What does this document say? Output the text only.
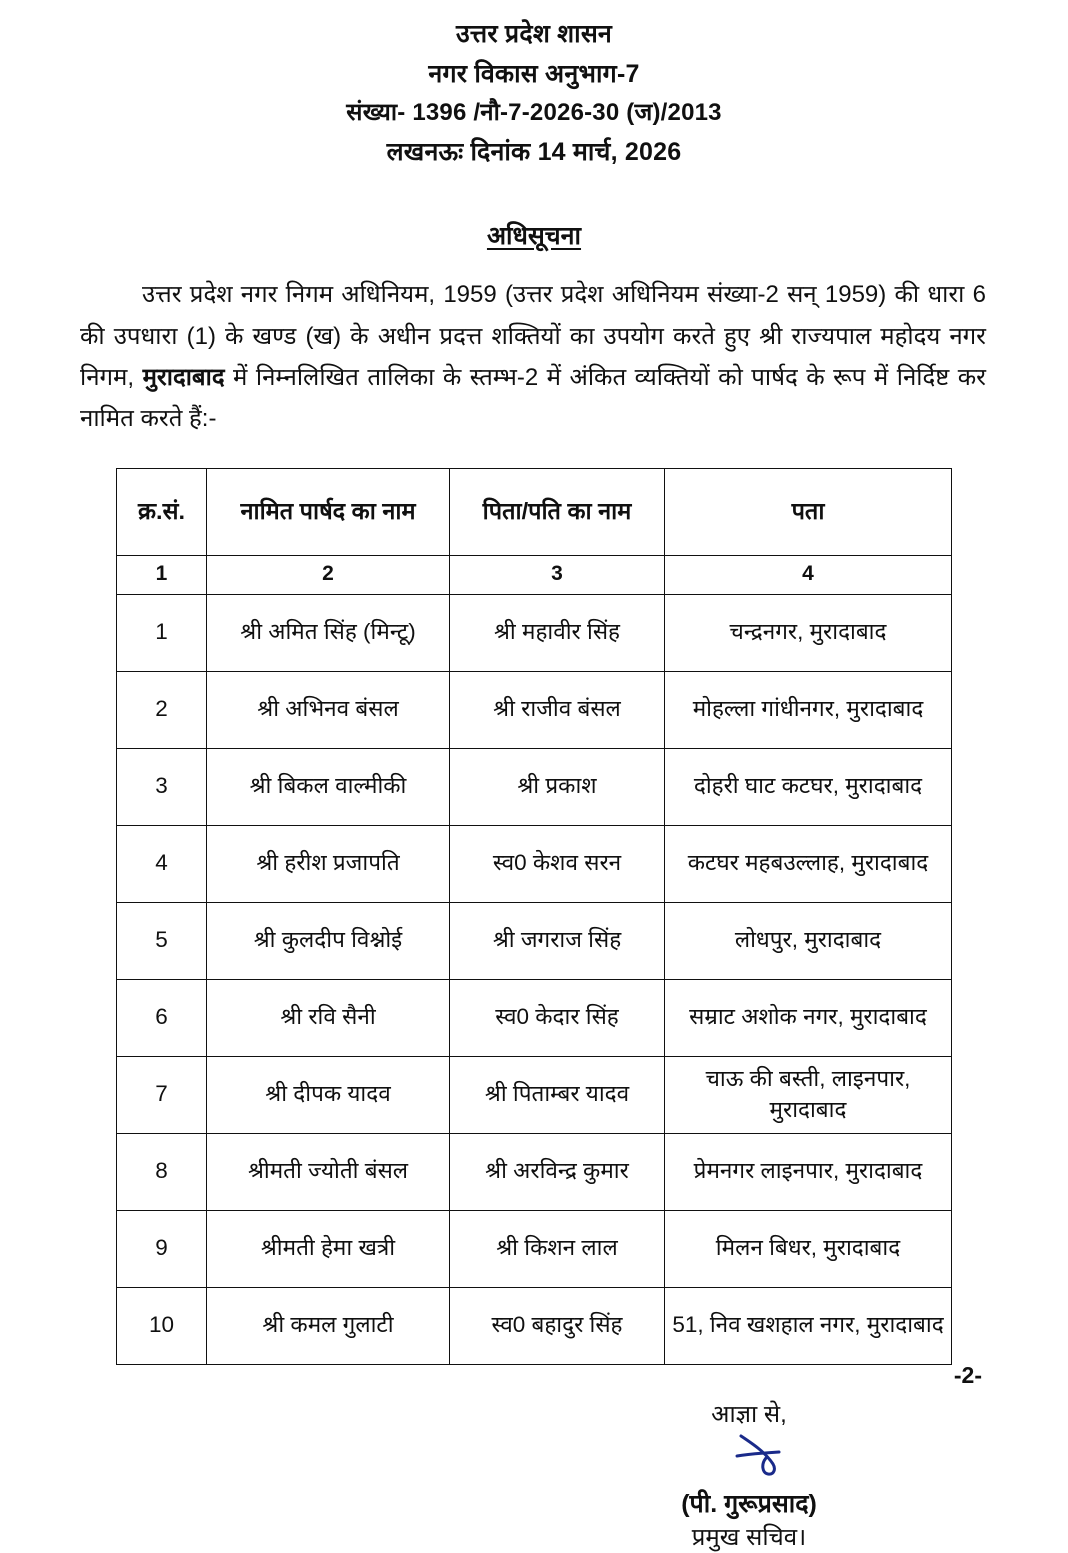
उत्तर प्रदेश शासन
नगर विकास अनुभाग-7
संख्या- 1396 /नौ-7-2026-30 (ज)/2013
लखनऊः दिनांक 14 मार्च, 2026
अधिसूचना

उत्तर प्रदेश नगर निगम अधिनियम, 1959 (उत्तर प्रदेश अधिनियम संख्या-2 सन् 1959) की धारा 6 की उपधारा (1) के खण्ड (ख) के अधीन प्रदत्त शक्तियों का उपयोग करते हुए श्री राज्यपाल महोदय नगर निगम, मुरादाबाद में निम्नलिखित तालिका के स्तम्भ-2 में अंकित व्यक्तियों को पार्षद के रूप में निर्दिष्ट कर नामित करते हैं:-

क्र.सं.	नामित पार्षद का नाम	पिता/पति का नाम	पता
1	2	3	4
1	श्री अमित सिंह (मिन्टू)	श्री महावीर सिंह	चन्द्रनगर, मुरादाबाद
2	श्री अभिनव बंसल	श्री राजीव बंसल	मोहल्ला गांधीनगर, मुरादाबाद
3	श्री बिकल वाल्मीकी	श्री प्रकाश	दोहरी घाट कटघर, मुरादाबाद
4	श्री हरीश प्रजापति	स्व0 केशव सरन	कटघर महबउल्लाह, मुरादाबाद
5	श्री कुलदीप विश्नोई	श्री जगराज सिंह	लोधपुर, मुरादाबाद
6	श्री रवि सैनी	स्व0 केदार सिंह	सम्राट अशोक नगर, मुरादाबाद
7	श्री दीपक यादव	श्री पिताम्बर यादव	चाऊ की बस्ती, लाइनपार, मुरादाबाद
8	श्रीमती ज्योती बंसल	श्री अरविन्द्र कुमार	प्रेमनगर लाइनपार, मुरादाबाद
9	श्रीमती हेमा खत्री	श्री किशन लाल	मिलन बिधर, मुरादाबाद
10	श्री कमल गुलाटी	स्व0 बहादुर सिंह	51, निव खशहाल नगर, मुरादाबाद
आज्ञा से,
(पी. गुरूप्रसाद)
प्रमुख सचिव।
-2-
